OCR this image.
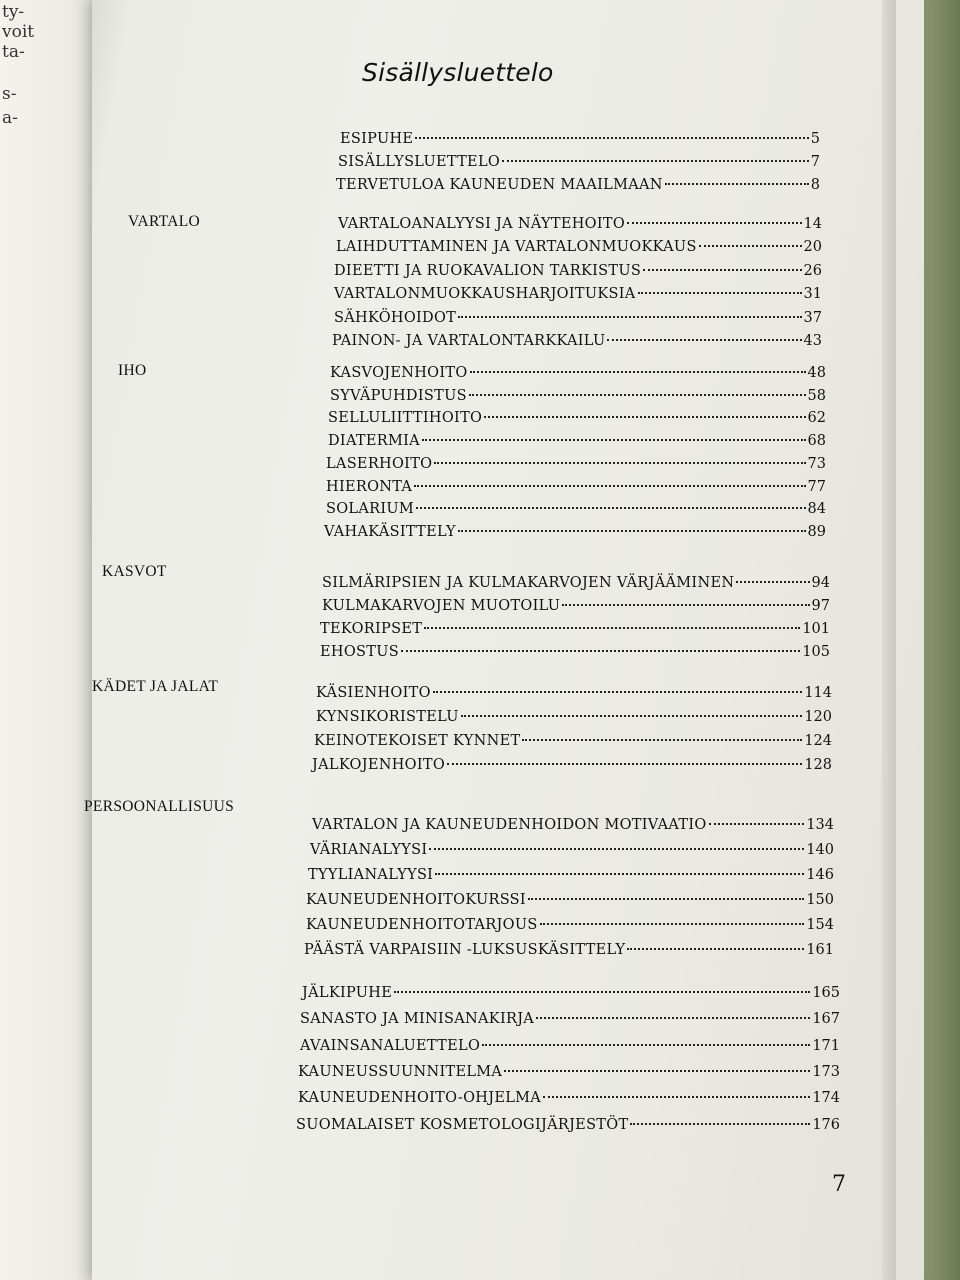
ty-
voit
ta-
s-
a-
Sisällysluettelo
ESIPUHE	5
SISÄLLYSLUETTELO	7
TERVETULOA KAUNEUDEN MAAILMAAN	8
VARTALO	VARTALOANALYYSI JA NÄYTEHOITO	14
LAIHDUTTAMINEN JA VARTALONMUOKKAUS	20
DIEETTI JA RUOKAVALION TARKISTUS	26
VARTALONMUOKKAUSHARJOITUKSIA	31
SÄHKÖHOIDOT	37
PAINON- JA VARTALONTARKKAILU	43
IHO	KASVOJENHOITO	48
SYVÄPUHDISTUS	58
SELLULIITTIHOITO	62
DIATERMIA	68
LASERHOITO	73
HIERONTA	77
SOLARIUM	84
VAHAKÄSITTELY	89
KASVOT
SILMÄRIPSIEN JA KULMAKARVOJEN VÄRJÄÄMINEN	94
KULMAKARVOJEN MUOTOILU	97
TEKORIPSET	101
EHOSTUS	105
KÄDET JA JALAT	KÄSIENHOITO	114
KYNSIKORISTELU	120
KEINOTEKOISET KYNNET	124
JALKOJENHOITO	128
PERSOONALLISUUS
VARTALON JA KAUNEUDENHOIDON MOTIVAATIO	134
VÄRIANALYYSI	140
TYYLIANALYYSI	146
KAUNEUDENHOITOKURSSI	150
KAUNEUDENHOITOTARJOUS	154
PÄÄSTÄ VARPAISIIN -LUKSUSKÄSITTELY	161
JÄLKIPUHE	165
SANASTO JA MINISANAKIRJA	167
AVAINSANALUETTELO	171
KAUNEUSSUUNNITELMA	173
KAUNEUDENHOITO-OHJELMA	174
SUOMALAISET KOSMETOLOGIJÄRJESTÖT	176
7
